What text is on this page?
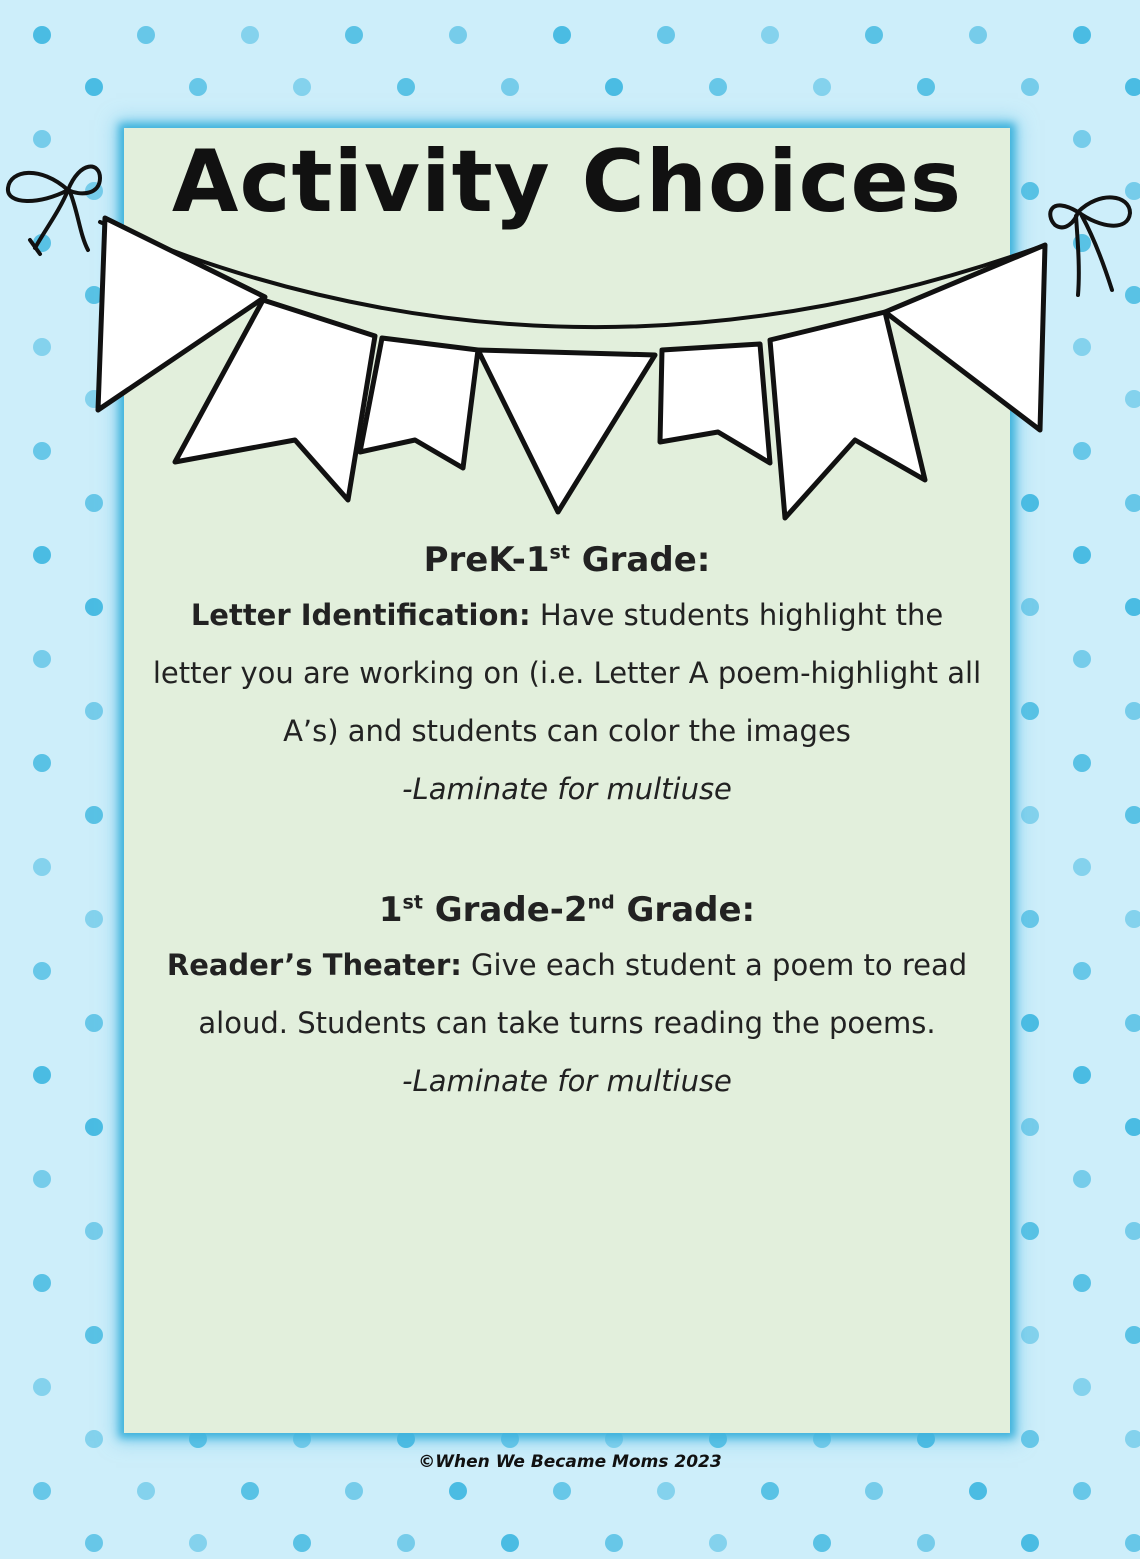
Activity Choices

PreK-1st Grade:

Letter Identification: Have students highlight the letter you are working on (i.e. Letter A poem-highlight all A’s) and students can color the images

-Laminate for multiuse

1st Grade-2nd Grade:

Reader’s Theater: Give each student a poem to read aloud. Students can take turns reading the poems.

-Laminate for multiuse

©When We Became Moms 2023
